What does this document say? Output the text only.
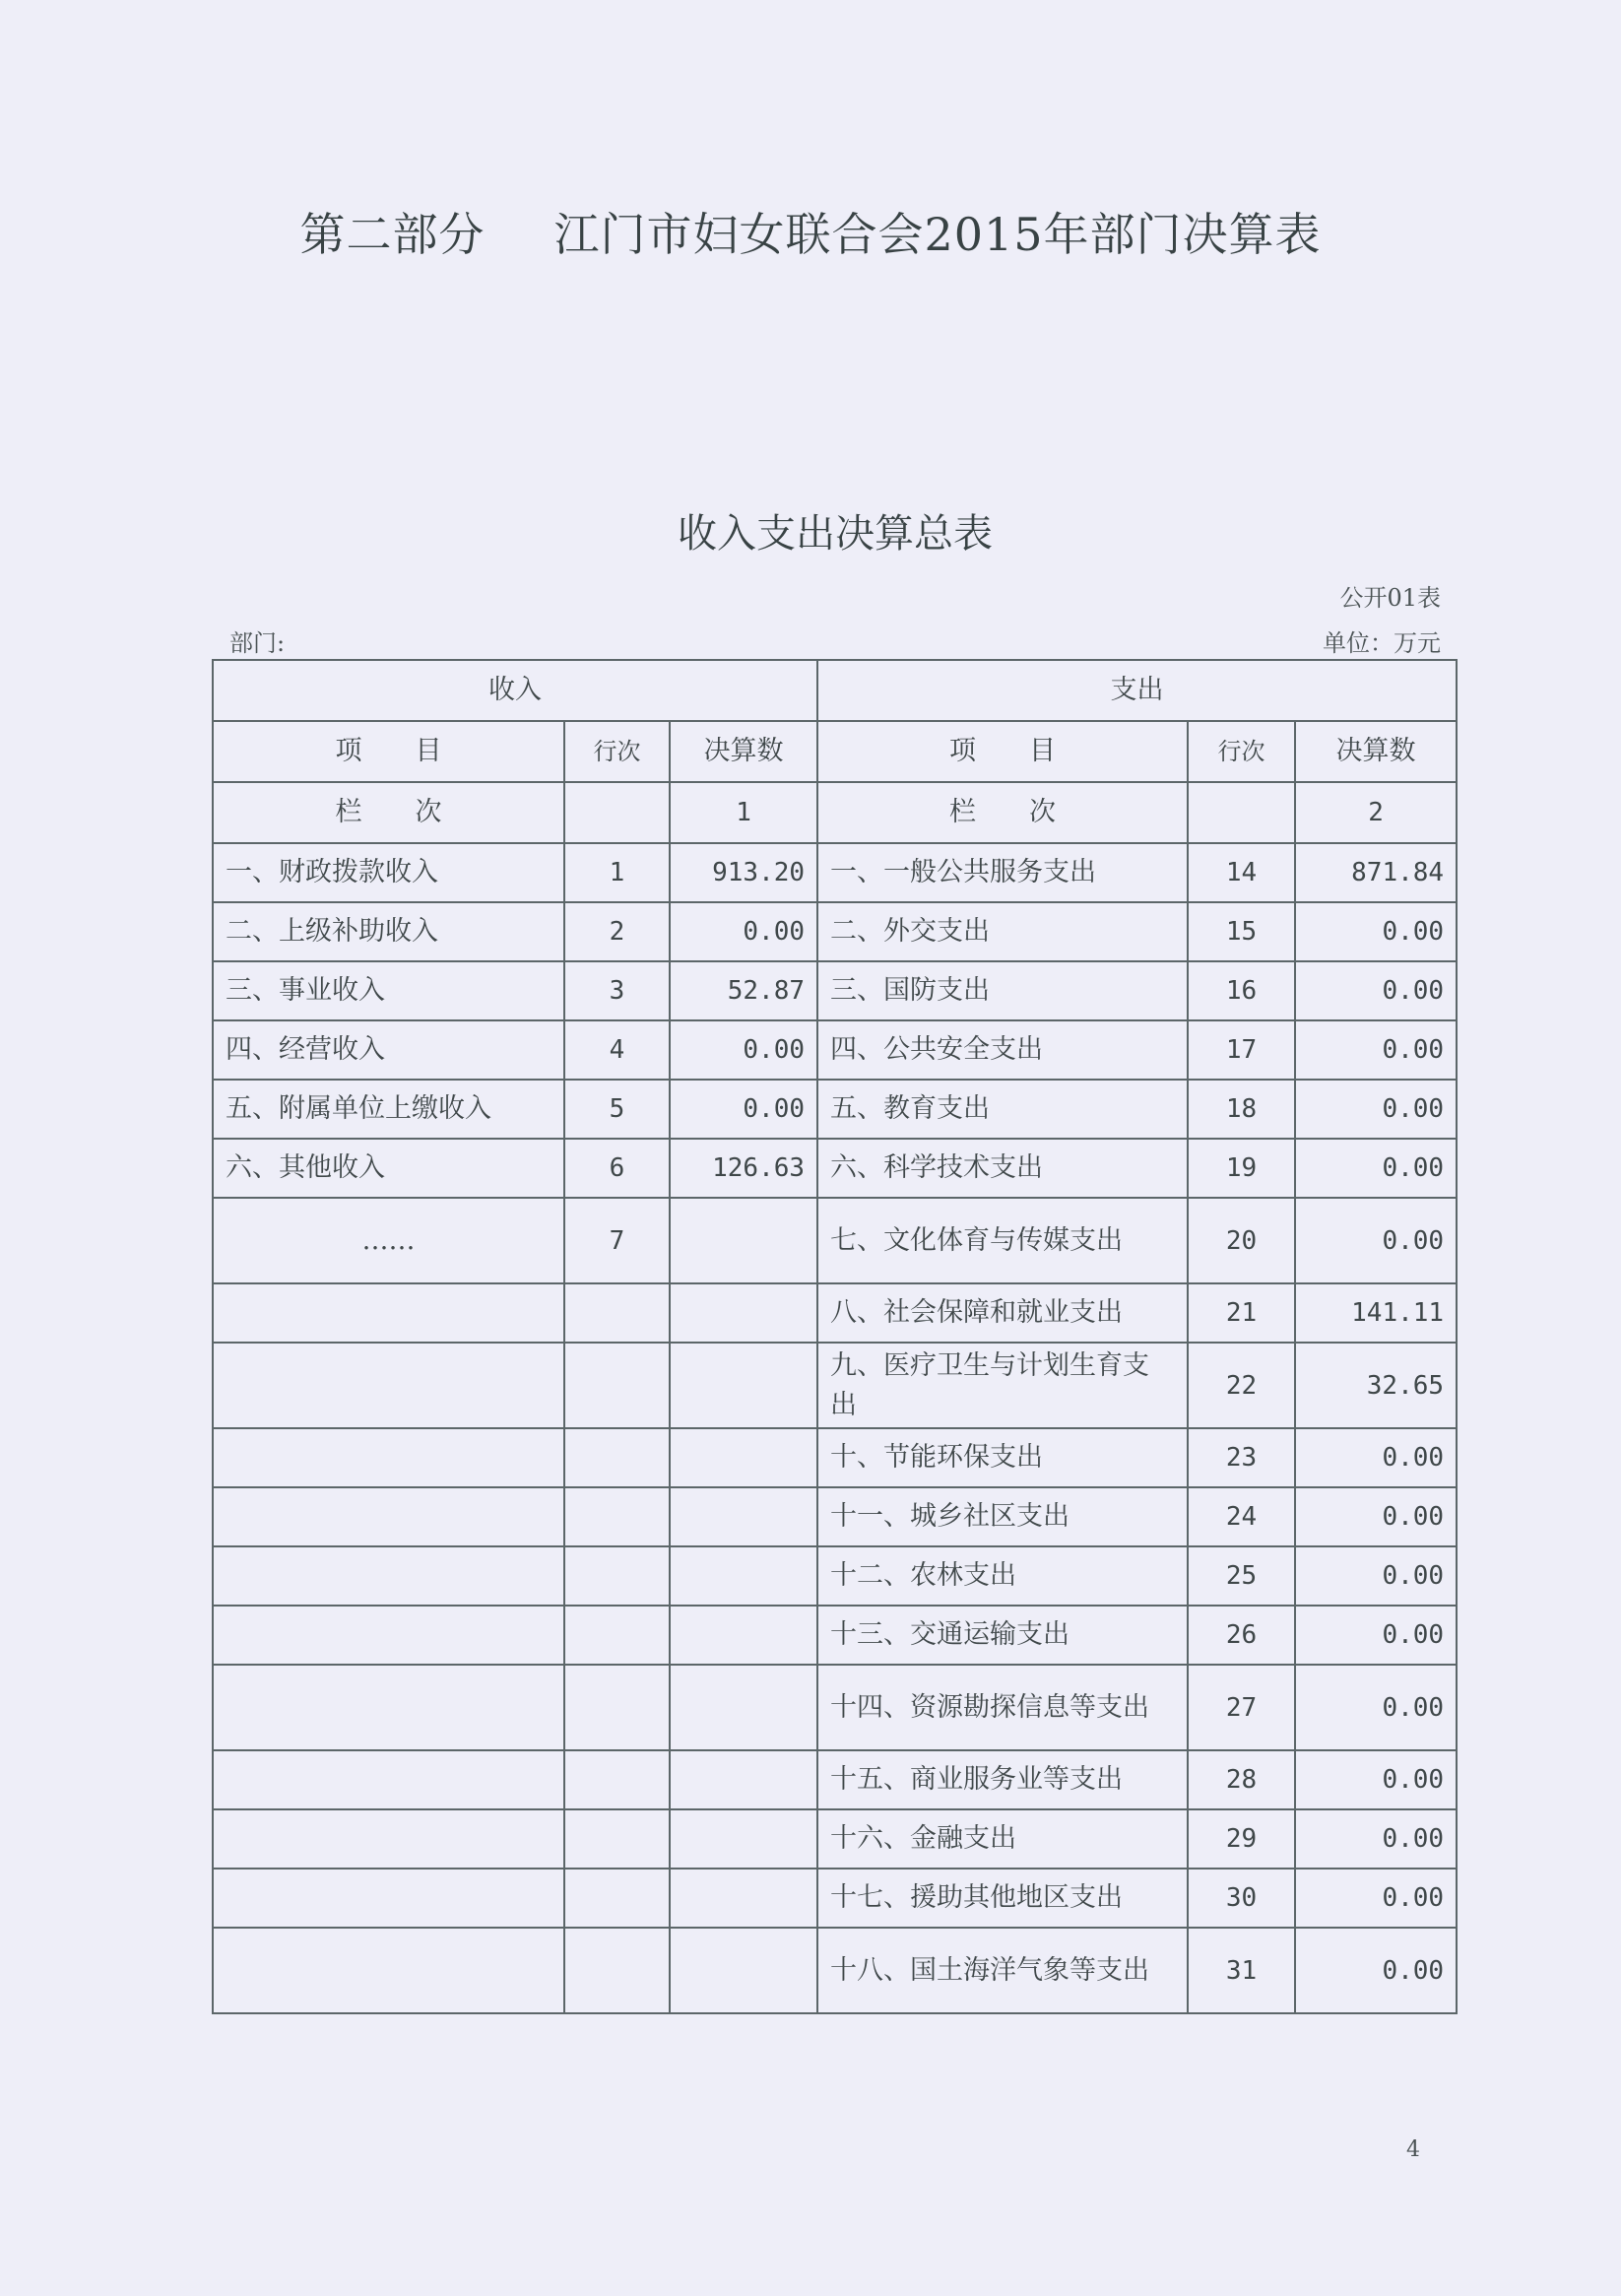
第二部分 江门市妇女联合会2015年部门决算表
收入支出决算总表
公开01表
部门:	单位：万元
收入			支出		
项　　目	行次	决算数	项　　目	行次	决算数
栏　　次		1	栏　　次		2
一、财政拨款收入	1	913.20	一、一般公共服务支出	14	871.84
二、上级补助收入	2	0.00	二、外交支出	15	0.00
三、事业收入	3	52.87	三、国防支出	16	0.00
四、经营收入	4	0.00	四、公共安全支出	17	0.00
五、附属单位上缴收入	5	0.00	五、教育支出	18	0.00
六、其他收入	6	126.63	六、科学技术支出	19	0.00
……	7		七、文化体育与传媒支出	20	0.00
			八、社会保障和就业支出	21	141.11
			九、医疗卫生与计划生育支出	22	32.65
			十、节能环保支出	23	0.00
			十一、城乡社区支出	24	0.00
			十二、农林支出	25	0.00
			十三、交通运输支出	26	0.00
			十四、资源勘探信息等支出	27	0.00
			十五、商业服务业等支出	28	0.00
			十六、金融支出	29	0.00
			十七、援助其他地区支出	30	0.00
			十八、国土海洋气象等支出	31	0.00
4
